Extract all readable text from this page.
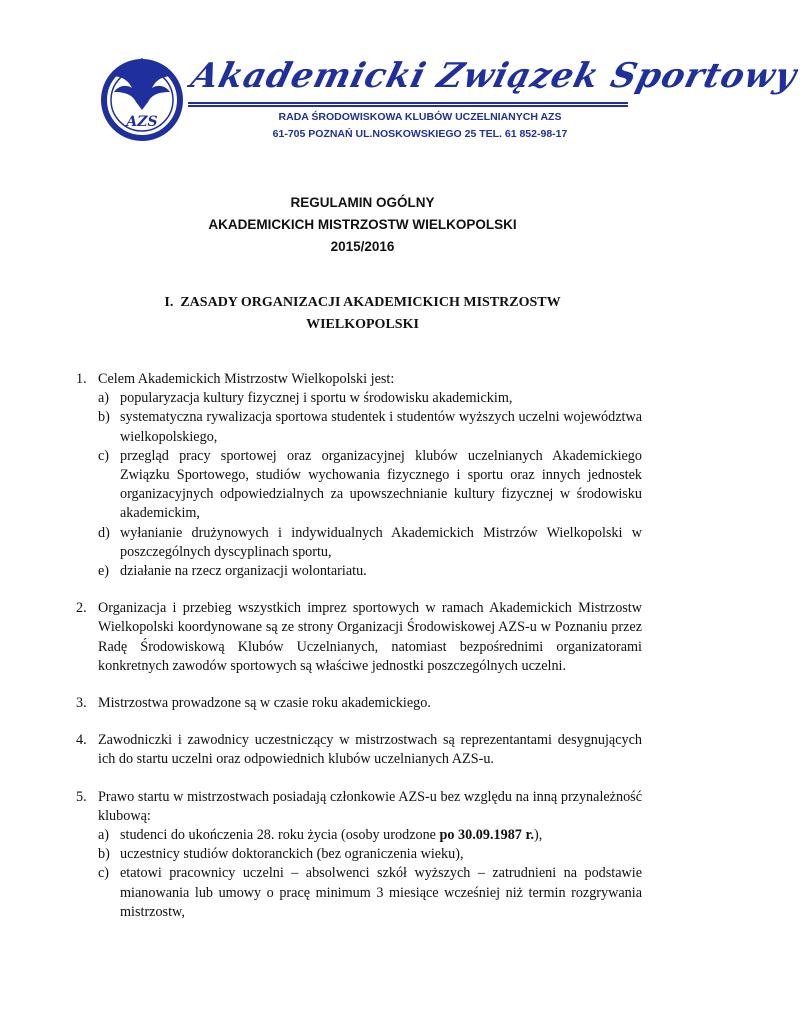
AZS
Akademicki Związek Sportowy
RADA ŚRODOWISKOWA KLUBÓW UCZELNIANYCH AZS
61-705 POZNAŃ UL.NOSKOWSKIEGO 25 TEL. 61 852-98-17
REGULAMIN OGÓLNY
AKADEMICKICH MISTRZOSTW WIELKOPOLSKI
2015/2016
I. ZASADY ORGANIZACJI AKADEMICKICH MISTRZOSTW
WIELKOPOLSKI
1. Celem Akademickich Mistrzostw Wielkopolski jest:
a) popularyzacja kultury fizycznej i sportu w środowisku akademickim,
b) systematyczna rywalizacja sportowa studentek i studentów wyższych uczelni województwa wielkopolskiego,
c) przegląd pracy sportowej oraz organizacyjnej klubów uczelnianych Akademickiego Związku Sportowego, studiów wychowania fizycznego i sportu oraz innych jednostek organizacyjnych odpowiedzialnych za upowszechnianie kultury fizycznej w środowisku akademickim,
d) wyłanianie drużynowych i indywidualnych Akademickich Mistrzów Wielkopolski w poszczególnych dyscyplinach sportu,
e) działanie na rzecz organizacji wolontariatu.
2. Organizacja i przebieg wszystkich imprez sportowych w ramach Akademickich Mistrzostw Wielkopolski koordynowane są ze strony Organizacji Środowiskowej AZS-u w Poznaniu przez Radę Środowiskową Klubów Uczelnianych, natomiast bezpośrednimi organizatorami konkretnych zawodów sportowych są właściwe jednostki poszczególnych uczelni.
3. Mistrzostwa prowadzone są w czasie roku akademickiego.
4. Zawodniczki i zawodnicy uczestniczący w mistrzostwach są reprezentantami desygnujących ich do startu uczelni oraz odpowiednich klubów uczelnianych AZS-u.
5. Prawo startu w mistrzostwach posiadają członkowie AZS-u bez względu na inną przynależność klubową:
a) studenci do ukończenia 28. roku życia (osoby urodzone po 30.09.1987 r.),
b) uczestnicy studiów doktoranckich (bez ograniczenia wieku),
c) etatowi pracownicy uczelni – absolwenci szkół wyższych – zatrudnieni na podstawie mianowania lub umowy o pracę minimum 3 miesiące wcześniej niż termin rozgrywania mistrzostw,
